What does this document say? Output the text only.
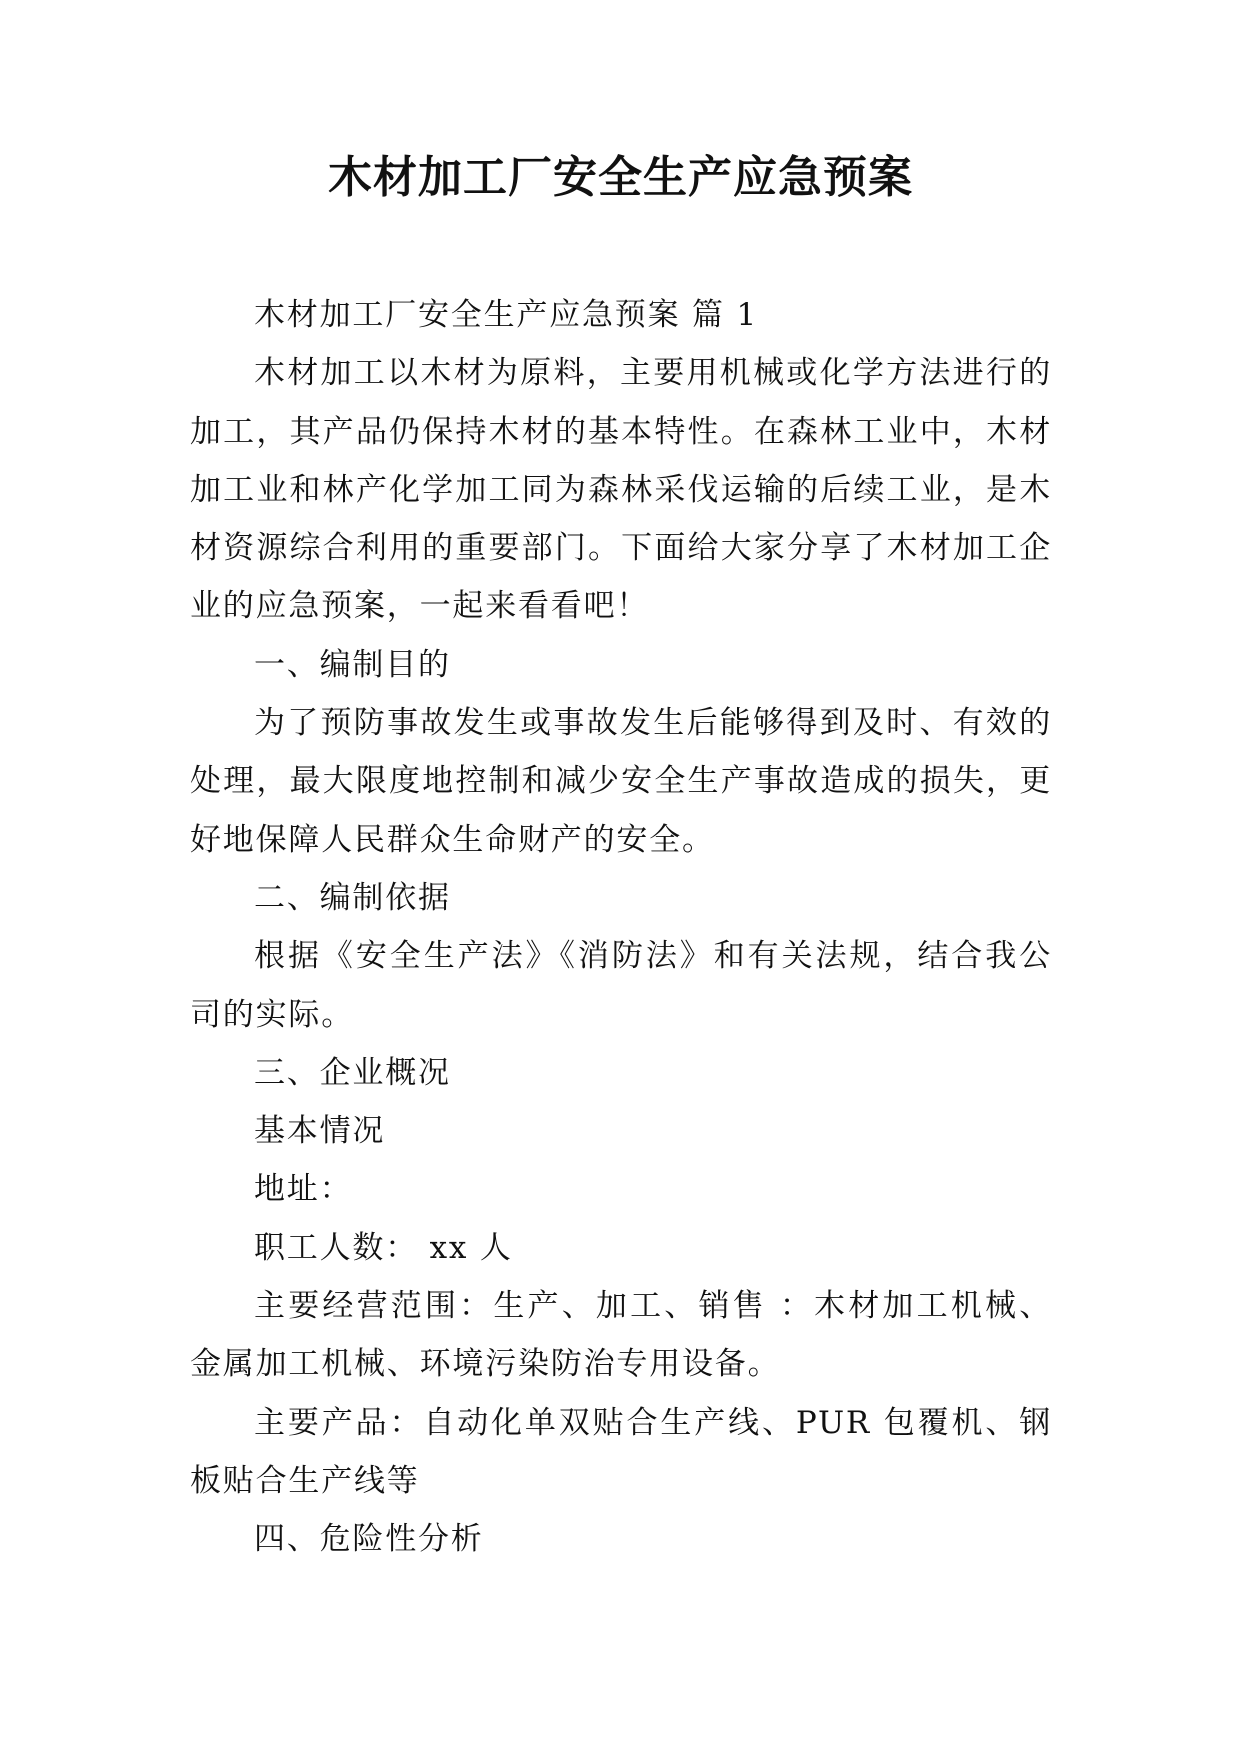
木材加工厂安全生产应急预案

木材加工厂安全生产应急预案 篇 1

木材加工以木材为原料，主要用机械或化学方法进行的加工，其产品仍保持木材的基本特性。在森林工业中，木材加工业和林产化学加工同为森林采伐运输的后续工业，是木材资源综合利用的重要部门。下面给大家分享了木材加工企业的应急预案，一起来看看吧！

一、编制目的

为了预防事故发生或事故发生后能够得到及时、有效的处理，最大限度地控制和减少安全生产事故造成的损失，更好地保障人民群众生命财产的安全。

二、编制依据

根据《安全生产法》《消防法》和有关法规，结合我公司的实际。

三、企业概况

基本情况

地址：

职工人数： xx 人

主要经营范围：生产、加工、销售 ：木材加工机械、金属加工机械、环境污染防治专用设备。

主要产品：自动化单双贴合生产线、PUR 包覆机、钢板贴合生产线等

四、危险性分析
